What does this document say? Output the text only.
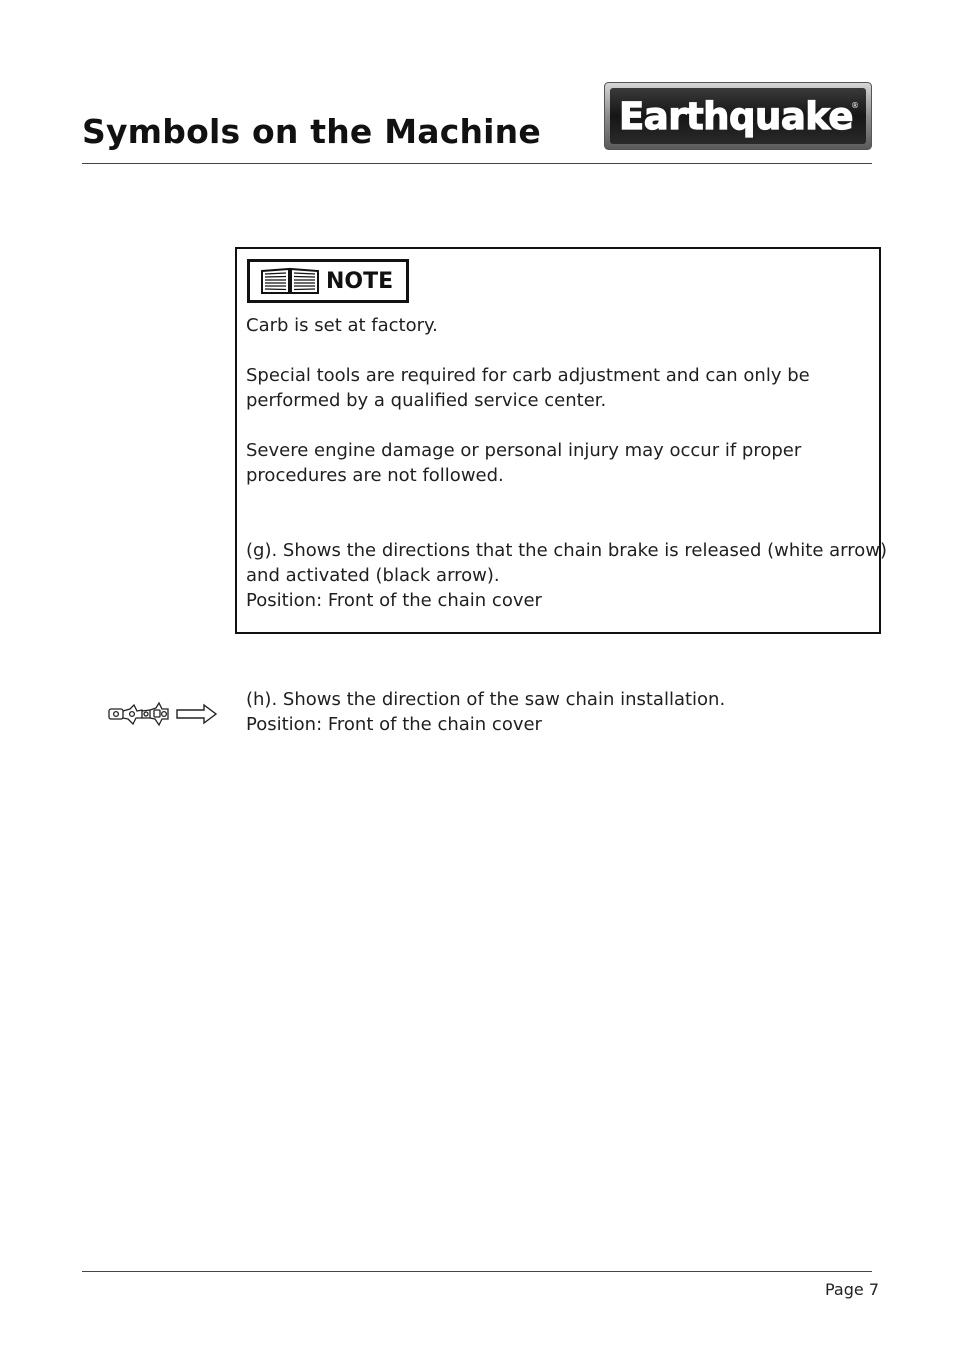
Symbols on the Machine Earthquake
®
NOTE
Carb is set at factory.
Special tools are required for carb adjustment and can only be
performed by a qualified service center.
Severe engine damage or personal injury may occur if proper
procedures are not followed.
(g). Shows the directions that the chain brake is released (white arrow)
and activated (black arrow).
Position: Front of the chain cover
(h). Shows the direction of the saw chain installation.
Position: Front of the chain cover
Page 7
